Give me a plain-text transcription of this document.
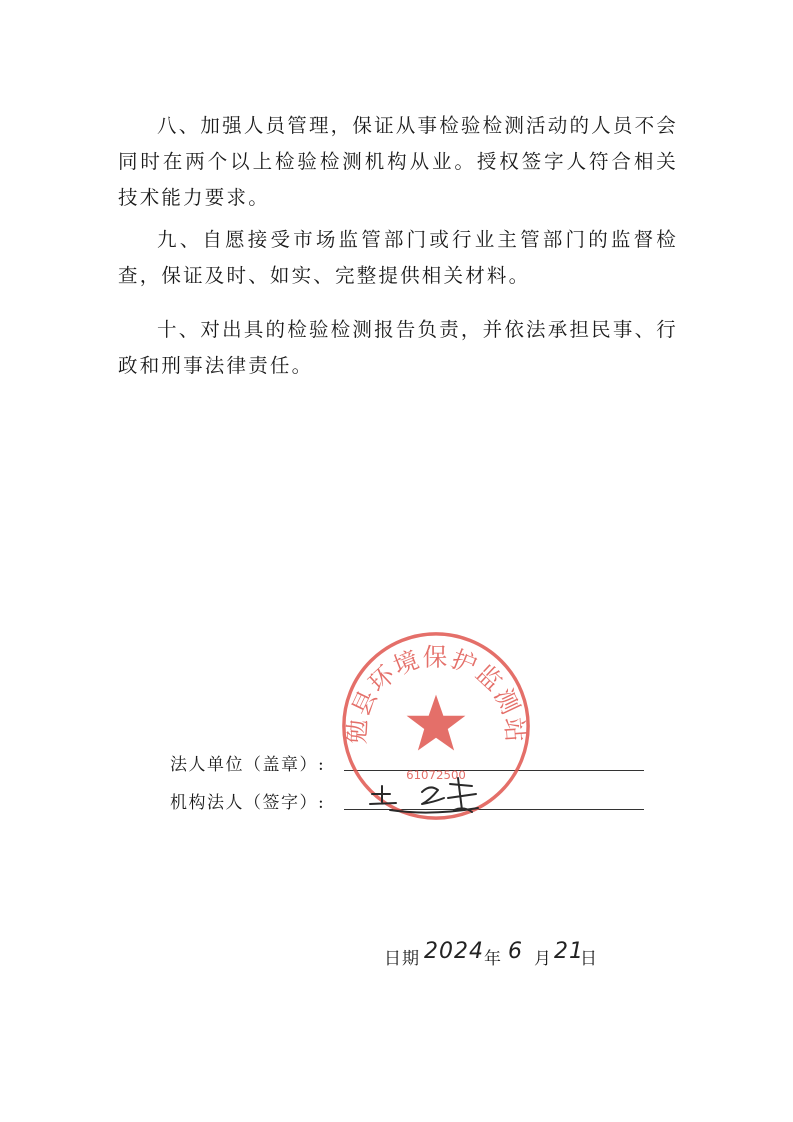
八、加强人员管理，保证从事检验检测活动的人员不会同时在两个以上检验检测机构从业。授权签字人符合相关技术能力要求。

九、自愿接受市场监管部门或行业主管部门的监督检查，保证及时、如实、完整提供相关材料。

十、对出具的检验检测报告负责，并依法承担民事、行政和刑事法律责任。

法人单位（盖章）:
机构法人（签字）:
勉县环境保护监测站
61072500
日期 2024 年 6 月 21
日
